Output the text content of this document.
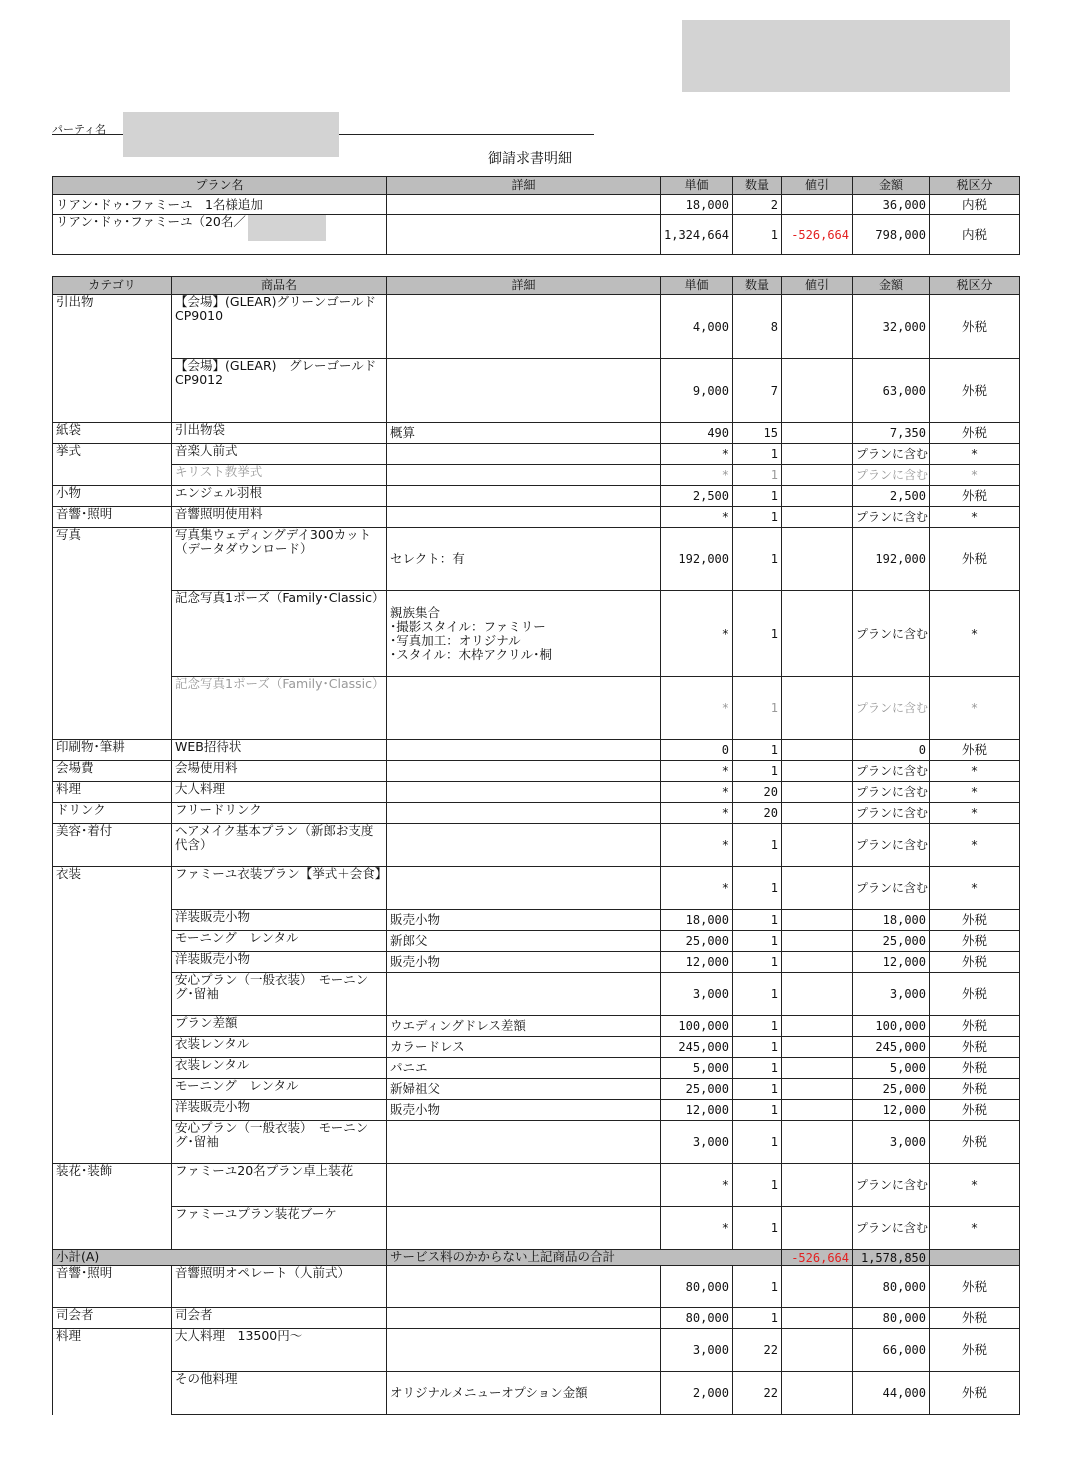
パーティ名
御請求書明細
プラン名	詳細	単価	数量	値引	金額	税区分
リアン･ドゥ･ファミーユ　1名様追加		18,000	2		36,000	内税
リアン･ドゥ･ファミーユ（20名／		1,324,664	1	-526,664	798,000	内税
カテゴリ	商品名	詳細	単価	数量	値引	金額	税区分
引出物	【会場】(GLEAR)グリーンゴールド　CP9010		4,000	8		32,000	外税
	【会場】(GLEAR)　グレーゴールド　CP9012		9,000	7		63,000	外税
紙袋	引出物袋	概算	490	15		7,350	外税
挙式	音楽人前式		*	1		プランに含む	*
	キリスト教挙式		*	1		プランに含む	*
小物	エンジェル羽根		2,500	1		2,500	外税
音響･照明	音響照明使用料		*	1		プランに含む	*
写真	写真集ウェディングデイ300カット（データダウンロード）	セレクト：有	192,000	1		192,000	外税
	記念写真1ポーズ（Family･Classic）	親族集合
･撮影スタイル：ファミリー
･写真加工：オリジナル
･スタイル：木枠アクリル･桐	*	1		プランに含む	*
	記念写真1ポーズ（Family･Classic）		*	1		プランに含む	*
印刷物･筆耕	WEB招待状		0	1		0	外税
会場費	会場使用料		*	1		プランに含む	*
料理	大人料理		*	20		プランに含む	*
ドリンク	フリードリンク		*	20		プランに含む	*
美容･着付	ヘアメイク基本プラン（新郎お支度代含）		*	1		プランに含む	*
衣装	ファミーユ衣装プラン【挙式＋会食】		*	1		プランに含む	*
	洋装販売小物	販売小物	18,000	1		18,000	外税
	モーニング　レンタル	新郎父	25,000	1		25,000	外税
	洋装販売小物	販売小物	12,000	1		12,000	外税
	安心プラン（一般衣装）　モーニング･留袖		3,000	1		3,000	外税
	プラン差額	ウエディングドレス差額	100,000	1		100,000	外税
	衣装レンタル	カラードレス	245,000	1		245,000	外税
	衣装レンタル	パニエ	5,000	1		5,000	外税
	モーニング　レンタル	新婦祖父	25,000	1		25,000	外税
	洋装販売小物	販売小物	12,000	1		12,000	外税
	安心プラン（一般衣装）　モーニング･留袖		3,000	1		3,000	外税
装花･装飾	ファミーユ20名プラン卓上装花		*	1		プランに含む	*
	ファミーユプラン装花ブーケ		*	1		プランに含む	*
小計(A)		サービス料のかからない上記商品の合計			-526,664	1,578,850	
音響･照明	音響照明オペレート（人前式）		80,000	1		80,000	外税
司会者	司会者		80,000	1		80,000	外税
料理	大人料理　13500円～		3,000	22		66,000	外税
	その他料理	オリジナルメニューオプション金額	2,000	22		44,000	外税
